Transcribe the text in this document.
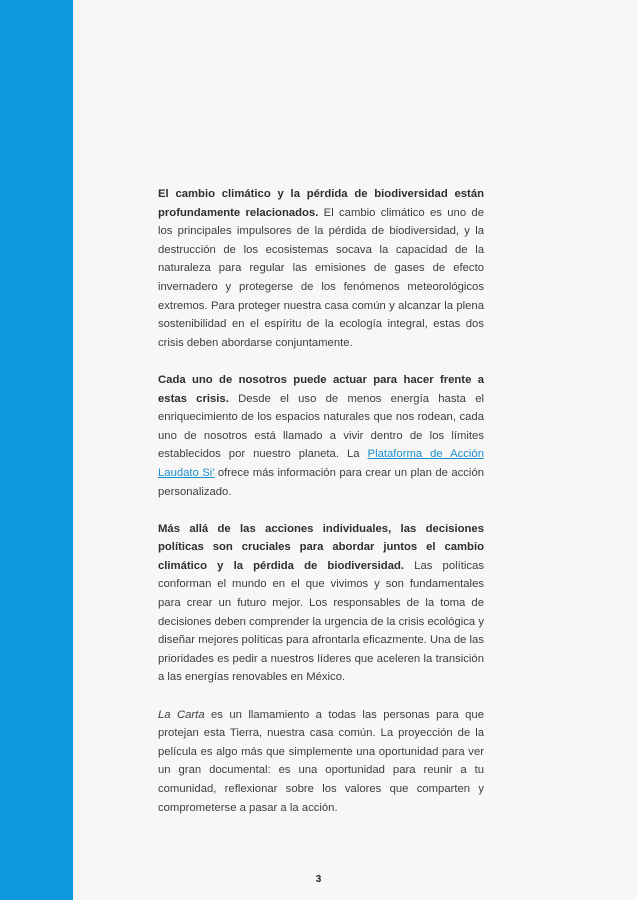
El cambio climático y la pérdida de biodiversidad están profundamente relacionados. El cambio climático es uno de los principales impulsores de la pérdida de biodiversidad, y la destrucción de los ecosistemas socava la capacidad de la naturaleza para regular las emisiones de gases de efecto invernadero y protegerse de los fenómenos meteorológicos extremos. Para proteger nuestra casa común y alcanzar la plena sostenibilidad en el espíritu de la ecología integral, estas dos crisis deben abordarse conjuntamente.

Cada uno de nosotros puede actuar para hacer frente a estas crisis. Desde el uso de menos energía hasta el enriquecimiento de los espacios naturales que nos rodean, cada uno de nosotros está llamado a vivir dentro de los límites establecidos por nuestro planeta. La Plataforma de Acción Laudato Si’ ofrece más información para crear un plan de acción personalizado.

Más allá de las acciones individuales, las decisiones políticas son cruciales para abordar juntos el cambio climático y la pérdida de biodiversidad. Las políticas conforman el mundo en el que vivimos y son fundamentales para crear un futuro mejor. Los responsables de la toma de decisiones deben comprender la urgencia de la crisis ecológica y diseñar mejores políticas para afrontarla eficazmente. Una de las prioridades es pedir a nuestros líderes que aceleren la transición a las energías renovables en México.

La Carta es un llamamiento a todas las personas para que protejan esta Tierra, nuestra casa común. La proyección de la película es algo más que simplemente una oportunidad para ver un gran documental: es una oportunidad para reunir a tu comunidad, reflexionar sobre los valores que comparten y comprometerse a pasar a la acción.

3
